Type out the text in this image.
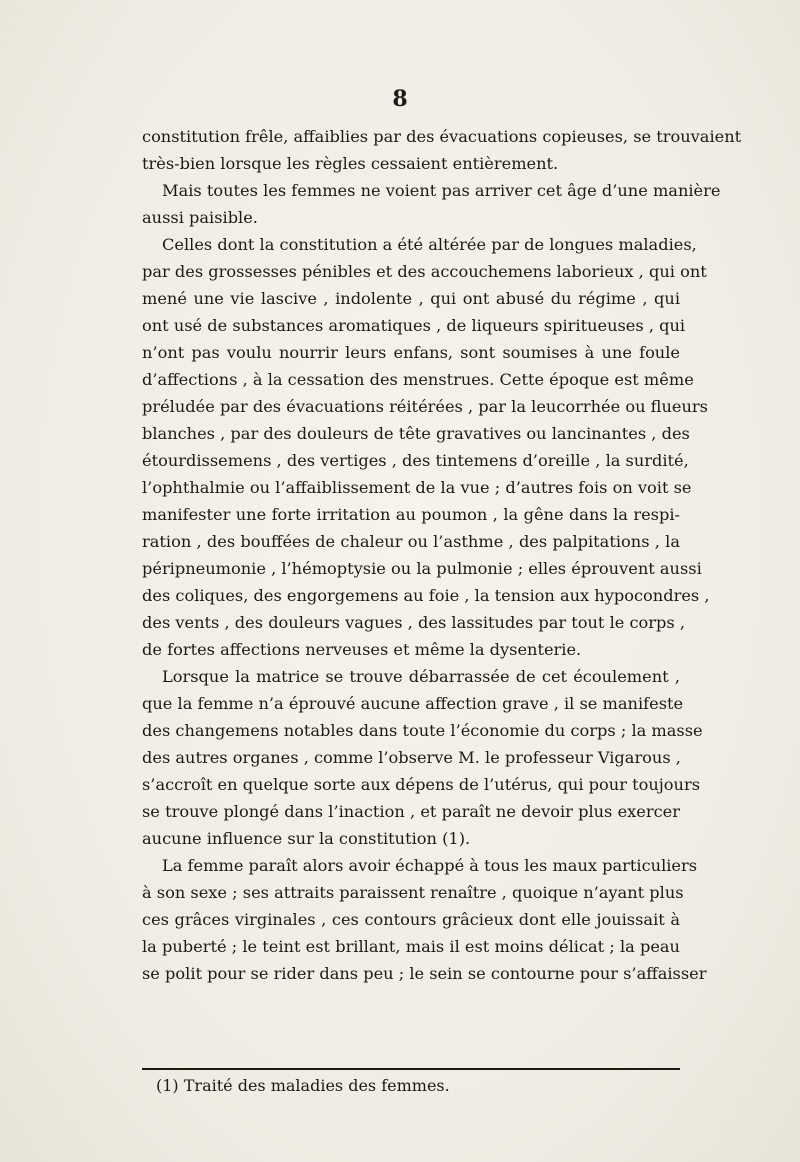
8
constitution frêle, affaiblies par des évacuations copieuses, se trouvaient
très-bien lorsque les règles cessaient entièrement.
Mais toutes les femmes ne voient pas arriver cet âge d’une manière
aussi paisible.
Celles dont la constitution a été altérée par de longues maladies,
par des grossesses pénibles et des accouchemens laborieux , qui ont
mené une vie lascive , indolente , qui ont abusé du régime , qui
ont usé de substances aromatiques , de liqueurs spiritueuses , qui
n’ont pas voulu nourrir leurs enfans, sont soumises à une foule
d’affections , à la cessation des menstrues. Cette époque est même
préludée par des évacuations réitérées , par la leucorrhée ou flueurs
blanches , par des douleurs de tête gravatives ou lancinantes , des
étourdissemens , des vertiges , des tintemens d’oreille , la surdité,
l’ophthalmie ou l’affaiblissement de la vue ; d’autres fois on voit se
manifester une forte irritation au poumon , la gêne dans la respi-
ration , des bouffées de chaleur ou l’asthme , des palpitations , la
péripneumonie , l’hémoptysie ou la pulmonie ; elles éprouvent aussi
des coliques, des engorgemens au foie , la tension aux hypocondres ,
des vents , des douleurs vagues , des lassitudes par tout le corps ,
de fortes affections nerveuses et même la dysenterie.
Lorsque la matrice se trouve débarrassée de cet écoulement ,
que la femme n’a éprouvé aucune affection grave , il se manifeste
des changemens notables dans toute l’économie du corps ; la masse
des autres organes , comme l’observe M. le professeur Vigarous ,
s’accroît en quelque sorte aux dépens de l’utérus, qui pour toujours
se trouve plongé dans l’inaction , et paraît ne devoir plus exercer
aucune influence sur la constitution (1).
La femme paraît alors avoir échappé à tous les maux particuliers
à son sexe ; ses attraits paraissent renaître , quoique n’ayant plus
ces grâces virginales , ces contours grâcieux dont elle jouissait à
la puberté ; le teint est brillant, mais il est moins délicat ; la peau
se polit pour se rider dans peu ; le sein se contourne pour s’affaisser
(1) Traité des maladies des femmes.
